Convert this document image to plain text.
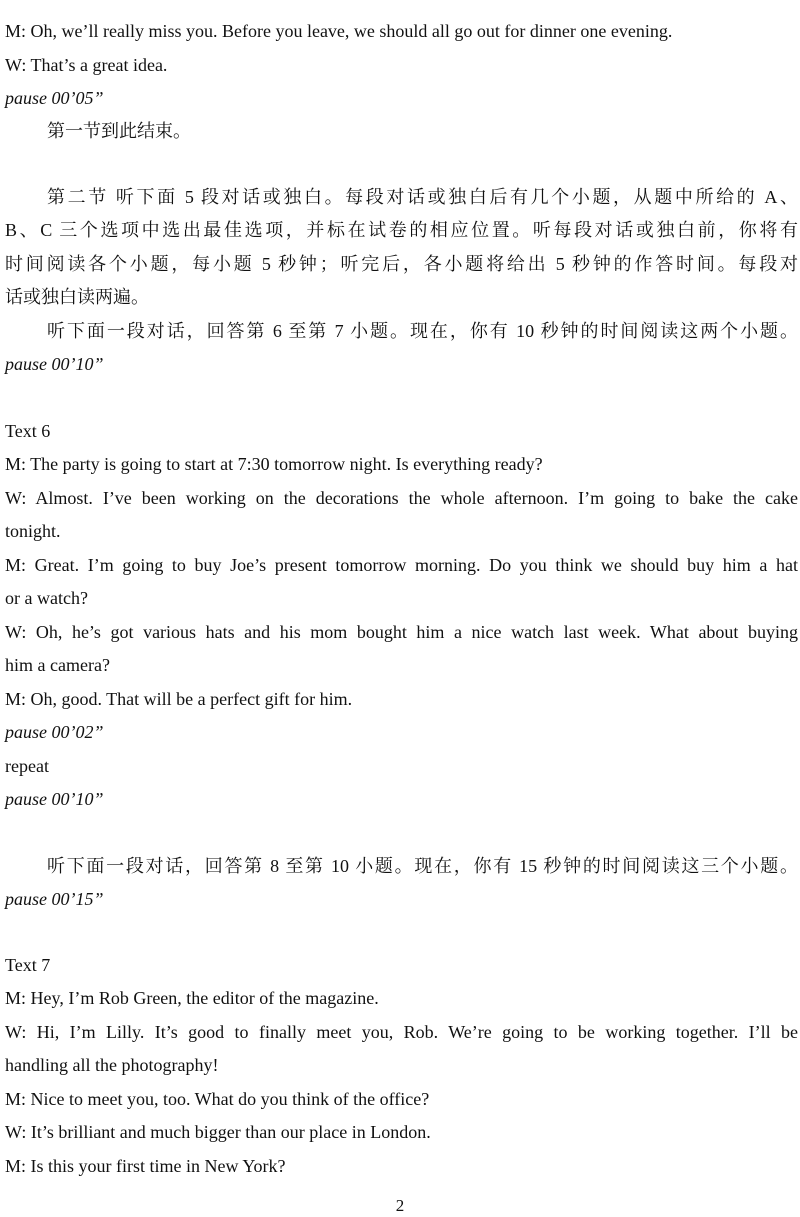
M: Oh, we’ll really miss you. Before you leave, we should all go out for dinner one evening.
W: That’s a great idea.
pause 00’05”
第一节到此结束。
第二节 听下面 5 段对话或独白。每段对话或独白后有几个小题，从题中所给的 A、
B、C 三个选项中选出最佳选项，并标在试卷的相应位置。听每段对话或独白前，你将有
时间阅读各个小题，每小题 5 秒钟；听完后，各小题将给出 5 秒钟的作答时间。每段对
话或独白读两遍。
听下面一段对话，回答第 6 至第 7 小题。现在，你有 10 秒钟的时间阅读这两个小题。
pause 00’10”
Text 6
M: The party is going to start at 7:30 tomorrow night. Is everything ready?
W: Almost. I’ve been working on the decorations the whole afternoon. I’m going to bake the cake
tonight.
M: Great. I’m going to buy Joe’s present tomorrow morning. Do you think we should buy him a hat
or a watch?
W: Oh, he’s got various hats and his mom bought him a nice watch last week. What about buying
him a camera?
M: Oh, good. That will be a perfect gift for him.
pause 00’02”
repeat
pause 00’10”
听下面一段对话，回答第 8 至第 10 小题。现在，你有 15 秒钟的时间阅读这三个小题。
pause 00’15”
Text 7
M: Hey, I’m Rob Green, the editor of the magazine.
W: Hi, I’m Lilly. It’s good to finally meet you, Rob. We’re going to be working together. I’ll be
handling all the photography!
M: Nice to meet you, too. What do you think of the office?
W: It’s brilliant and much bigger than our place in London.
M: Is this your first time in New York?
2
